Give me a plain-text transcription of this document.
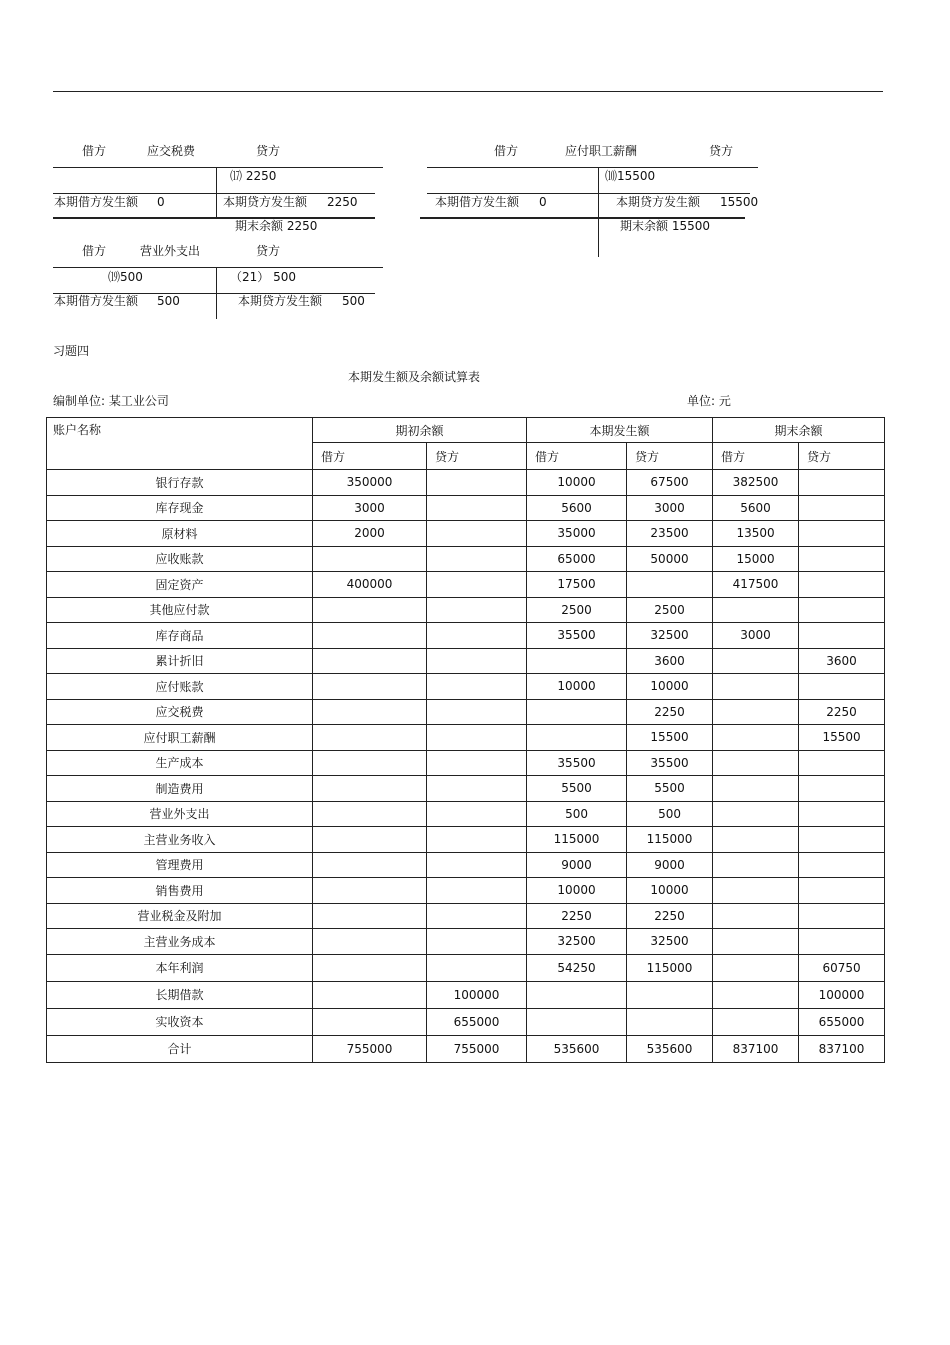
借方	应交税费	贷方
⒄ 2250
本期借方发生额 0	本期贷方发生额 2250
期末余额 2250
借方	应付职工薪酬	贷方
⑽15500
本期借方发生额 0	本期贷方发生额 15500
期末余额 15500
借方	营业外支出	贷方
⒆500	（21） 500
本期借方发生额 500	本期贷方发生额 500
习题四
本期发生额及余额试算表
编制单位: 某工业公司	单位: 元
账户名称	期初余额		本期发生额		期末余额	
	借方	贷方	借方	贷方	借方	贷方
银行存款	350000		10000	67500	382500	
库存现金	3000		5600	3000	5600	
原材料	2000		35000	23500	13500	
应收账款			65000	50000	15000	
固定资产	400000		17500		417500	
其他应付款			2500	2500		
库存商品			35500	32500	3000	
累计折旧				3600		3600
应付账款			10000	10000		
应交税费				2250		2250
应付职工薪酬				15500		15500
生产成本			35500	35500		
制造费用			5500	5500		
营业外支出			500	500		
主营业务收入			115000	115000		
管理费用			9000	9000		
销售费用			10000	10000		
营业税金及附加			2250	2250		
主营业务成本			32500	32500		
本年利润			54250	115000		60750
长期借款		100000				100000
实收资本		655000				655000
合计	755000	755000	535600	535600	837100	837100
